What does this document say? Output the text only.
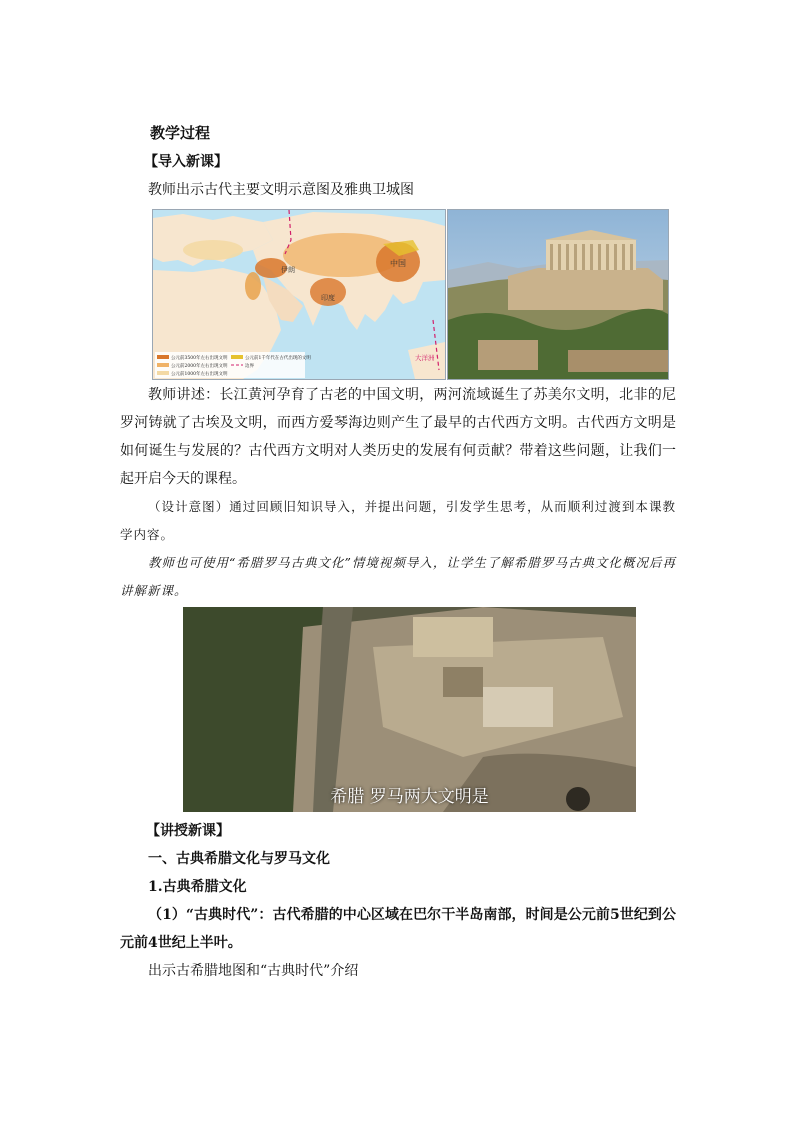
教学过程
【导入新课】
教师出示古代主要文明示意图及雅典卫城图
中国
印度
伊朗
大洋洲
公元前3500年左右出现文明
公元前2000年左右出现文明
公元前1000年左右出现文明
公元前1千年代在古代出现的文明
边界
教师讲述：长江黄河孕育了古老的中国文明，两河流域诞生了苏美尔文明，北非的尼罗河铸就了古埃及文明，而西方爱琴海边则产生了最早的古代西方文明。古代西方文明是如何诞生与发展的？古代西方文明对人类历史的发展有何贡献？带着这些问题，让我们一起开启今天的课程。
（设计意图）通过回顾旧知识导入，并提出问题，引发学生思考，从而顺利过渡到本课教学内容。
教师也可使用“希腊罗马古典文化”情境视频导入，让学生了解希腊罗马古典文化概况后再讲解新课。
希腊 罗马两大文明是
【讲授新课】
一、古典希腊文化与罗马文化
1.古典希腊文化
（1）“古典时代”：古代希腊的中心区域在巴尔干半岛南部，时间是公元前5世纪到公元前4世纪上半叶。
出示古希腊地图和“古典时代”介绍
